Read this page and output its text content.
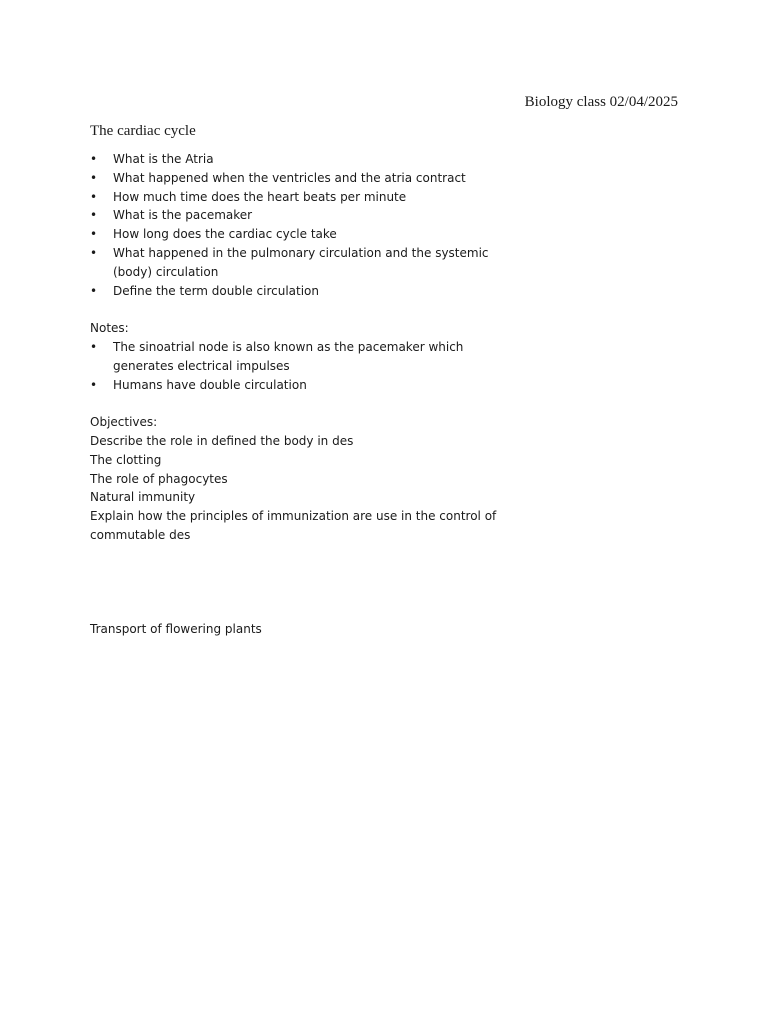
Biology class 02/04/2025
The cardiac cycle
• What is the Atria
• What happened when the ventricles and the atria contract
• How much time does the heart beats per minute
• What is the pacemaker
• How long does the cardiac cycle take
• What happened in the pulmonary circulation and the systemic (body) circulation
• Define the term double circulation
Notes:
• The sinoatrial node is also known as the pacemaker which generates electrical impulses
• Humans have double circulation
Objectives:
Describe the role in defined the body in des
The clotting
The role of phagocytes
Natural immunity
Explain how the principles of immunization are use in the control of commutable des
Transport of flowering plants
